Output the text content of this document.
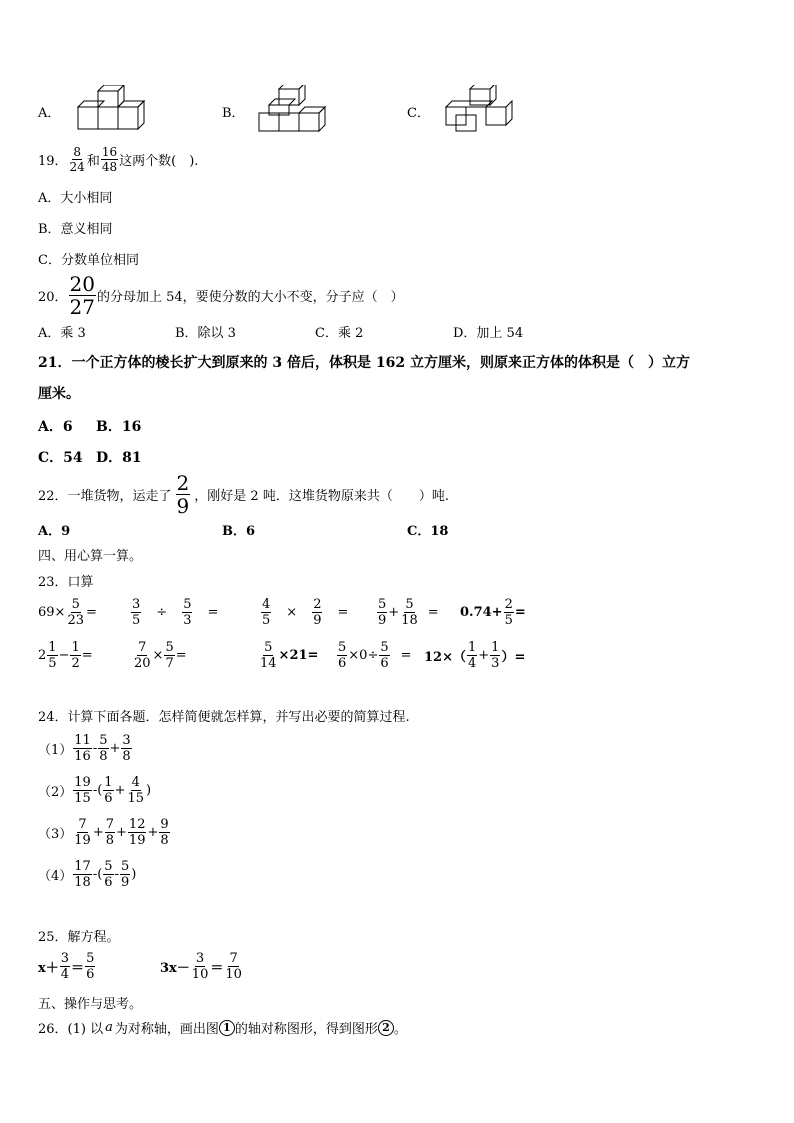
A．	B．	C．
19． $\frac{8}{24}$ 和 $\frac{16}{48}$ 这两个数(　).
A．大小相同
B．意义相同
C．分数单位相同
20． $\frac{20}{27}$ 的分母加上 54，要使分数的大小不变，分子应（　）
A．乘 3	B．除以 3	C．乘 2	D．加上 54
21．一个正方体的棱长扩大到原来的 3 倍后，体积是 162 立方厘米，则原来正方体的体积是（　）立方
厘米。
A．6 B．16
C．54 D．81
22．一堆货物，运走了 $\frac{2}{9}$ ，刚好是 2 吨．这堆货物原来共（　　）吨.
A．9	B．6	C．18
四、用心算一算。
23．口算
$69\times \frac{5}{23}$ =	$\frac{3}{5} \div \frac{5}{3}$ =	$\frac{4}{5} \times \frac{2}{9} = \frac{5}{9} + \frac{5}{18} = 0.74+ \frac{2}{5}$ =
$2 \frac{1}{5} - \frac{1}{2}$ =	$\frac{7}{20} \times \frac{5}{7}$ =	$\frac{5}{14} \times 21= \frac{5}{6} \times 0\div \frac{5}{6} = 12\times( \frac{1}{4} + \frac{1}{3}$ ）=
24．计算下面各题．怎样简便就怎样算，并写出必要的简算过程.
$(1) \frac{11}{16} - \frac{5}{8} + \frac{3}{8}$
$(2) \frac{19}{15}$ -( $\frac{1}{6} + \frac{4}{15}$ )
$(3) \frac{7}{19} + \frac{7}{8} + \frac{12}{19} + \frac{9}{8}$
$(4) \frac{17}{18}$ -( $\frac{5}{6} - \frac{5}{9}$ )
25．解方程。
$x+ \frac{3}{4} = \frac{5}{6}$	$3x- \frac{3}{10} = \frac{7}{10}$
五、操作与思考。
26．(1) 以 a 为对称轴，画出图 1 的轴对称图形，得到图形 2 。
